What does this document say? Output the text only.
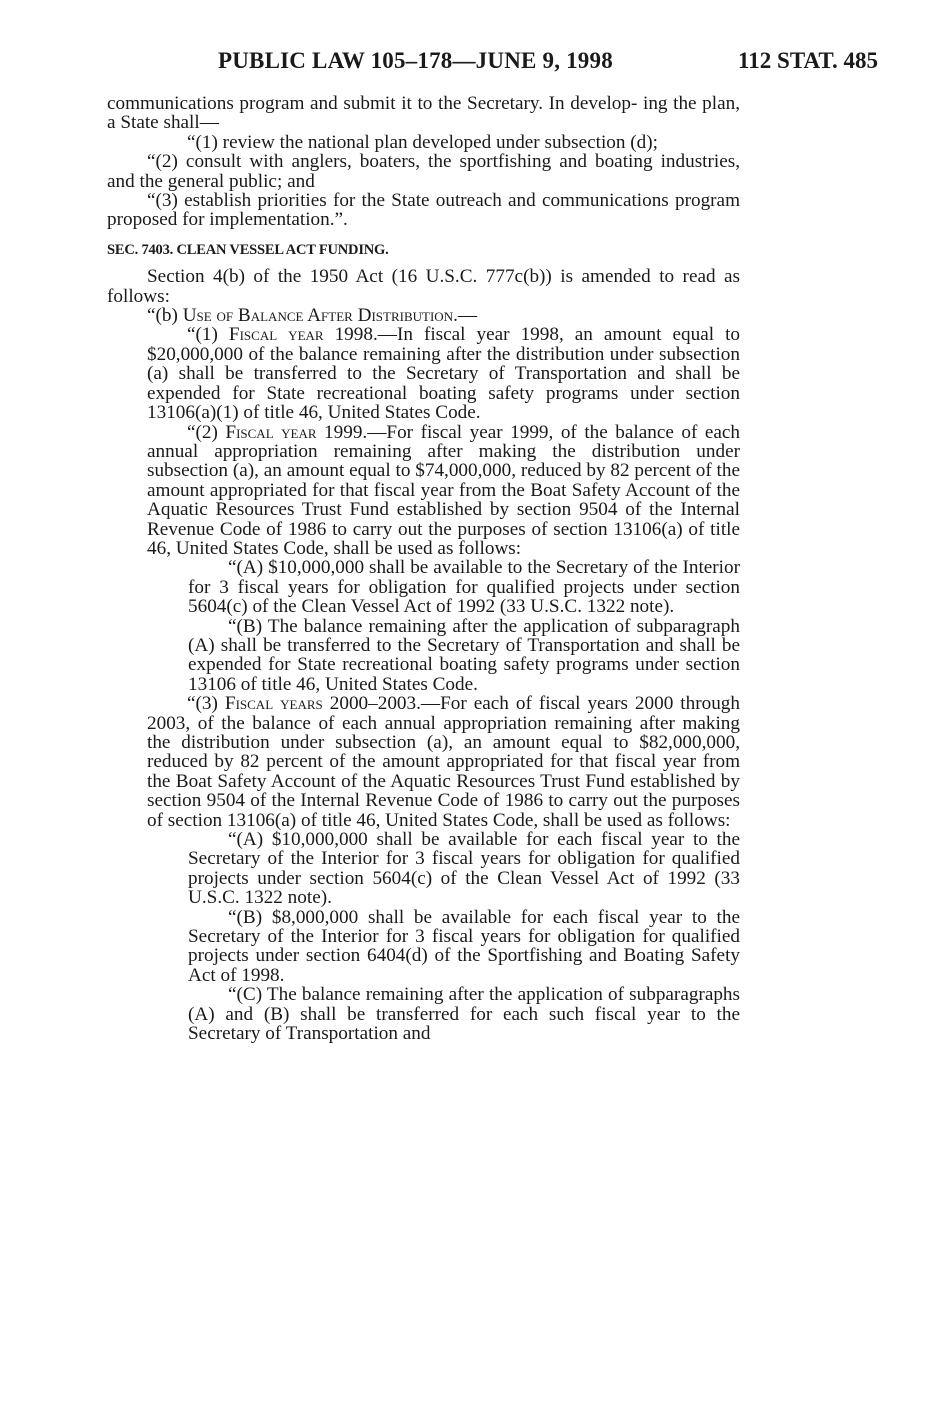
PUBLIC LAW 105–178—JUNE 9, 1998	112 STAT. 485

communications program and submit it to the Secretary. In develop- ing the plan, a State shall—

“(1) review the national plan developed under subsection (d);

“(2) consult with anglers, boaters, the sportfishing and boating industries, and the general public; and

“(3) establish priorities for the State outreach and communications program proposed for implementation.”.

SEC. 7403. CLEAN VESSEL ACT FUNDING.

Section 4(b) of the 1950 Act (16 U.S.C. 777c(b)) is amended to read as follows:

“(b) Use of Balance After Distribution.—

“(1) Fiscal year 1998.—In fiscal year 1998, an amount equal to $20,000,000 of the balance remaining after the distribution under subsection (a) shall be transferred to the Secretary of Transportation and shall be expended for State recreational boating safety programs under section 13106(a)(1) of title 46, United States Code.

“(2) Fiscal year 1999.—For fiscal year 1999, of the balance of each annual appropriation remaining after making the distribution under subsection (a), an amount equal to $74,000,000, reduced by 82 percent of the amount appropriated for that fiscal year from the Boat Safety Account of the Aquatic Resources Trust Fund established by section 9504 of the Internal Revenue Code of 1986 to carry out the purposes of section 13106(a) of title 46, United States Code, shall be used as follows:

“(A) $10,000,000 shall be available to the Secretary of the Interior for 3 fiscal years for obligation for qualified projects under section 5604(c) of the Clean Vessel Act of 1992 (33 U.S.C. 1322 note).

“(B) The balance remaining after the application of subparagraph (A) shall be transferred to the Secretary of Transportation and shall be expended for State recreational boating safety programs under section 13106 of title 46, United States Code.

“(3) Fiscal years 2000–2003.—For each of fiscal years 2000 through 2003, of the balance of each annual appropriation remaining after making the distribution under subsection (a), an amount equal to $82,000,000, reduced by 82 percent of the amount appropriated for that fiscal year from the Boat Safety Account of the Aquatic Resources Trust Fund established by section 9504 of the Internal Revenue Code of 1986 to carry out the purposes of section 13106(a) of title 46, United States Code, shall be used as follows:

“(A) $10,000,000 shall be available for each fiscal year to the Secretary of the Interior for 3 fiscal years for obligation for qualified projects under section 5604(c) of the Clean Vessel Act of 1992 (33 U.S.C. 1322 note).

“(B) $8,000,000 shall be available for each fiscal year to the Secretary of the Interior for 3 fiscal years for obligation for qualified projects under section 6404(d) of the Sportfishing and Boating Safety Act of 1998.

“(C) The balance remaining after the application of subparagraphs (A) and (B) shall be transferred for each such fiscal year to the Secretary of Transportation and
